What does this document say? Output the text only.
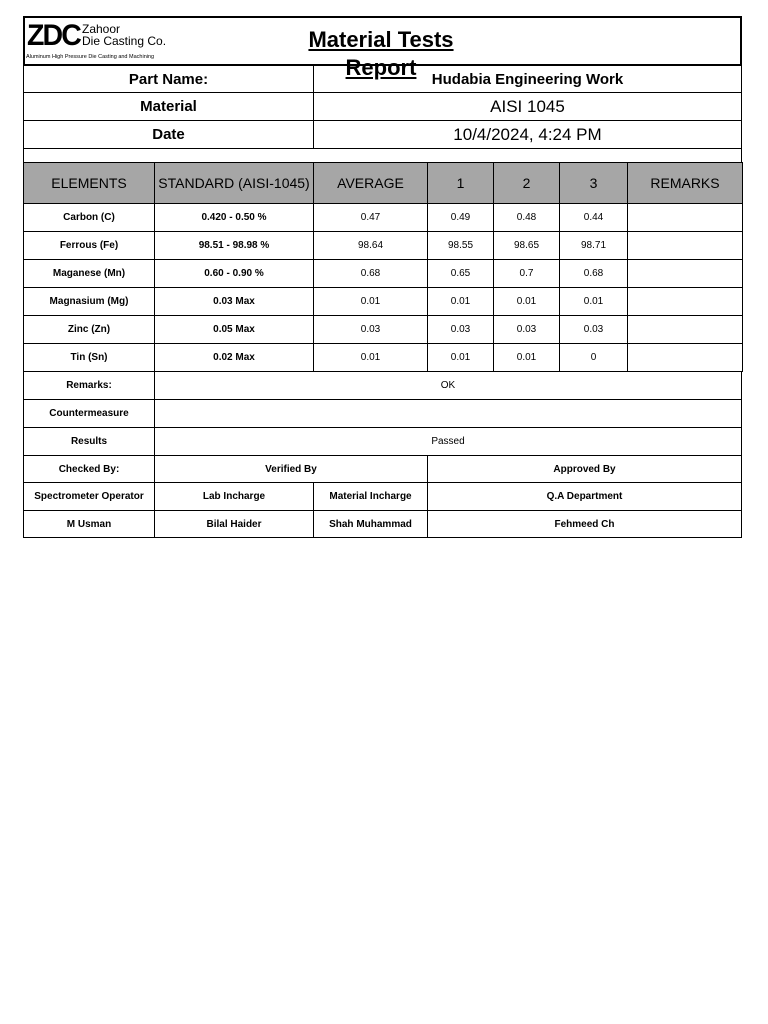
ZDC Zahoor
Die Casting Co.
Aluminum High Pressure Die Casting and Machining
Material Tests Report
Part Name:	Hudabia Engineering Work
Material	AISI 1045
Date	10/4/2024, 4:24 PM
ELEMENTS	STANDARD (AISI-1045)	AVERAGE	1	2	3	REMARKS
Carbon (C)	0.420 - 0.50 %	0.47	0.49	0.48	0.44
Ferrous (Fe)	98.51 - 98.98 %	98.64	98.55	98.65	98.71
Maganese (Mn)	0.60 - 0.90 %	0.68	0.65	0.7	0.68
Magnasium (Mg)	0.03 Max	0.01	0.01	0.01	0.01
Zinc (Zn)	0.05 Max	0.03	0.03	0.03	0.03
Tin (Sn)	0.02 Max	0.01	0.01	0.01	0
Remarks:	OK
Countermeasure
Results	Passed
Checked By:	Verified By	Approved By
Spectrometer Operator	Lab Incharge	Material Incharge	Q.A Department
M Usman	Bilal Haider	Shah Muhammad	Fehmeed Ch
